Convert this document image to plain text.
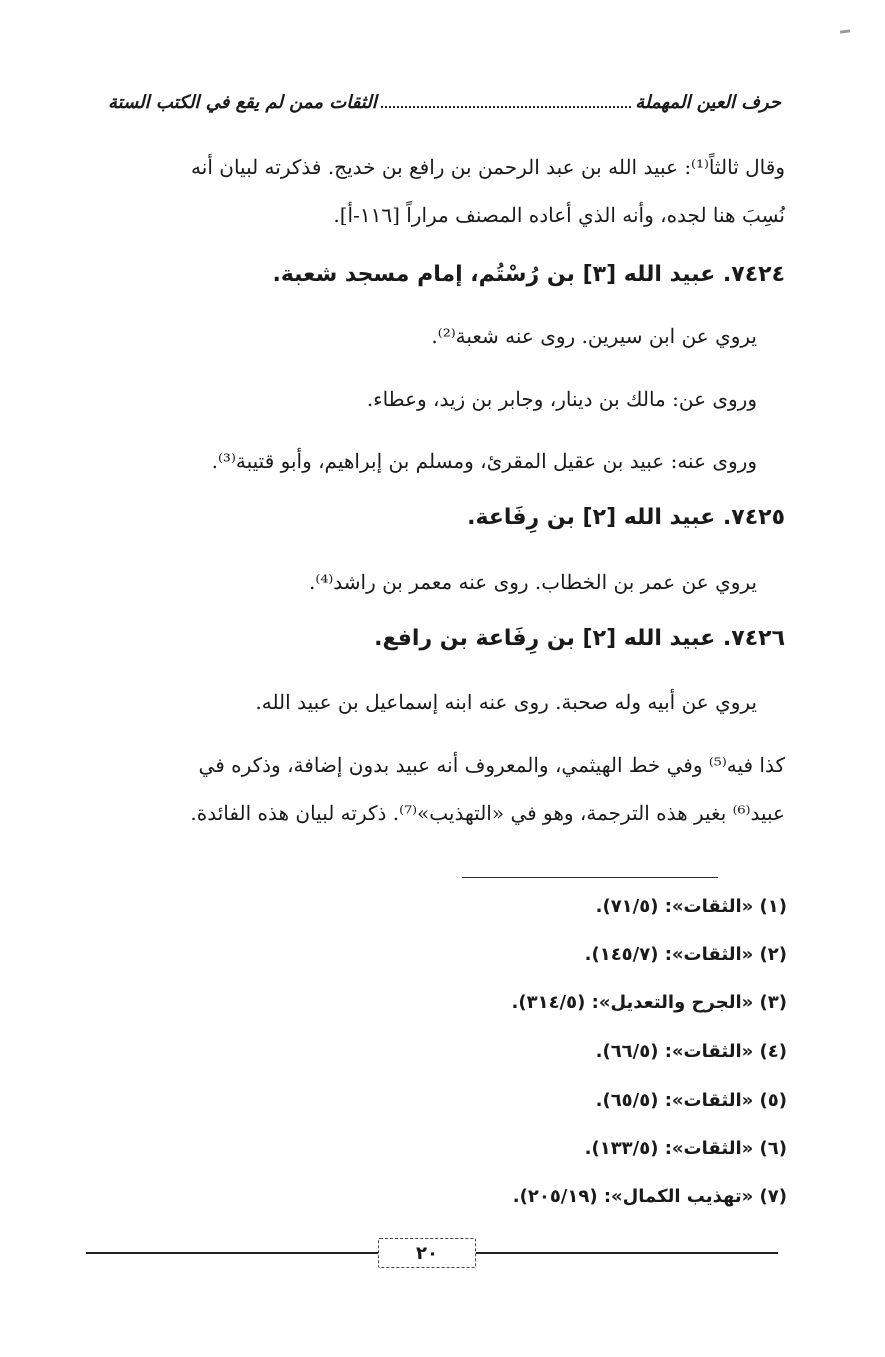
حرف العين المهملة
الثقات ممن لم يقع في الكتب الستة
وقال ثالثاً⁽¹⁾: عبيد الله بن عبد الرحمن بن رافع بن خديج. فذكرته لبيان أنه
نُسِبَ هنا لجده، وأنه الذي أعاده المصنف مراراً [١١٦-أ].
٧٤٢٤. عبيد الله [٣] بن رُسْتُم، إمام مسجد شعبة.
يروي عن ابن سيرين. روى عنه شعبة⁽²⁾.
وروى عن: مالك بن دينار، وجابر بن زيد، وعطاء.
وروى عنه: عبيد بن عقيل المقرئ، ومسلم بن إبراهيم، وأبو قتيبة⁽³⁾.
٧٤٢٥. عبيد الله [٢] بن رِفَاعة.
يروي عن عمر بن الخطاب. روى عنه معمر بن راشد⁽⁴⁾.
٧٤٢٦. عبيد الله [٢] بن رِفَاعة بن رافع.
يروي عن أبيه وله صحبة. روى عنه ابنه إسماعيل بن عبيد الله.
كذا فيه⁽⁵⁾ وفي خط الهيثمي، والمعروف أنه عبيد بدون إضافة، وذكره في
عبيد⁽⁶⁾ بغير هذه الترجمة، وهو في «التهذيب»⁽⁷⁾. ذكرته لبيان هذه الفائدة.
(١) «الثقات»: (٧١/٥).
(٢) «الثقات»: (١٤٥/٧).
(٣) «الجرح والتعديل»: (٣١٤/٥).
(٤) «الثقات»: (٦٦/٥).
(٥) «الثقات»: (٦٥/٥).
(٦) «الثقات»: (١٣٣/٥).
(٧) «تهذيب الكمال»: (٢٠٥/١٩).
٢٠
